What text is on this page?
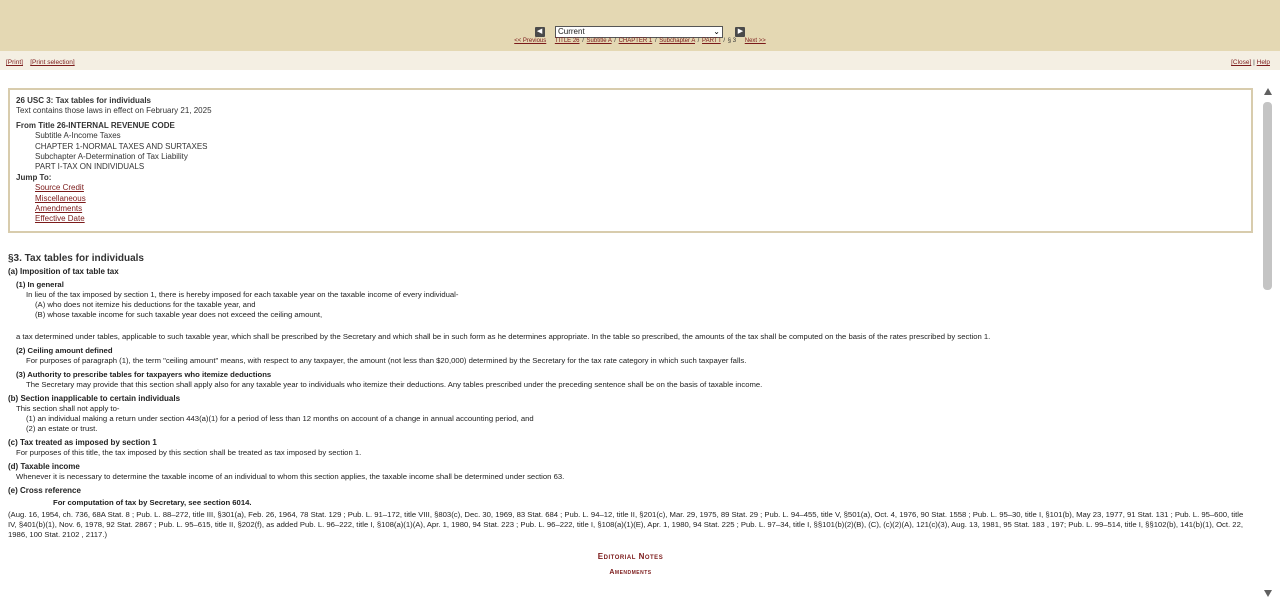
◀ Current	⌄	▶
<< Previous TITLE 26 / Subtitle A / CHAPTER 1 / Subchapter A / PART I / § 3 Next >>
[Print] [Print selection]	[Close] | Help
26 USC 3: Tax tables for individuals
Text contains those laws in effect on February 21, 2025
From Title 26-INTERNAL REVENUE CODE
Subtitle A-Income Taxes
CHAPTER 1-NORMAL TAXES AND SURTAXES
Subchapter A-Determination of Tax Liability
PART I-TAX ON INDIVIDUALS
Jump To:
Source Credit
Miscellaneous
Amendments
Effective Date
§3. Tax tables for individuals
(a) Imposition of tax table tax
(1) In general
In lieu of the tax imposed by section 1, there is hereby imposed for each taxable year on the taxable income of every individual-
(A) who does not itemize his deductions for the taxable year, and
(B) whose taxable income for such taxable year does not exceed the ceiling amount,
a tax determined under tables, applicable to such taxable year, which shall be prescribed by the Secretary and which shall be in such form as he determines appropriate. In the table so prescribed, the amounts of the tax shall be computed on the basis of the rates prescribed by section 1.
(2) Ceiling amount defined
For purposes of paragraph (1), the term "ceiling amount" means, with respect to any taxpayer, the amount (not less than $20,000) determined by the Secretary for the tax rate category in which such taxpayer falls.
(3) Authority to prescribe tables for taxpayers who itemize deductions
The Secretary may provide that this section shall apply also for any taxable year to individuals who itemize their deductions. Any tables prescribed under the preceding sentence shall be on the basis of taxable income.
(b) Section inapplicable to certain individuals
This section shall not apply to-
(1) an individual making a return under section 443(a)(1) for a period of less than 12 months on account of a change in annual accounting period, and
(2) an estate or trust.
(c) Tax treated as imposed by section 1
For purposes of this title, the tax imposed by this section shall be treated as tax imposed by section 1.
(d) Taxable income
Whenever it is necessary to determine the taxable income of an individual to whom this section applies, the taxable income shall be determined under section 63.
(e) Cross reference
For computation of tax by Secretary, see section 6014.
(Aug. 16, 1954, ch. 736, 68A Stat. 8 ; Pub. L. 88–272, title III, §301(a), Feb. 26, 1964, 78 Stat. 129 ; Pub. L. 91–172, title VIII, §803(c), Dec. 30, 1969, 83 Stat. 684 ; Pub. L. 94–12, title II, §201(c), Mar. 29, 1975, 89 Stat. 29 ; Pub. L. 94–455, title V, §501(a), Oct. 4, 1976, 90 Stat. 1558 ; Pub. L. 95–30, title I, §101(b), May 23, 1977, 91 Stat. 131 ; Pub. L. 95–600, title IV, §401(b)(1), Nov. 6, 1978, 92 Stat. 2867 ; Pub. L. 95–615, title II, §202(f), as added Pub. L. 96–222, title I, §108(a)(1)(A), Apr. 1, 1980, 94 Stat. 223 ; Pub. L. 96–222, title I, §108(a)(1)(E), Apr. 1, 1980, 94 Stat. 225 ; Pub. L. 97–34, title I, §§101(b)(2)(B), (C), (c)(2)(A), 121(c)(3), Aug. 13, 1981, 95 Stat. 183 , 197; Pub. L. 99–514, title I, §§102(b), 141(b)(1), Oct. 22, 1986, 100 Stat. 2102 , 2117.)
Editorial Notes
Amendments
